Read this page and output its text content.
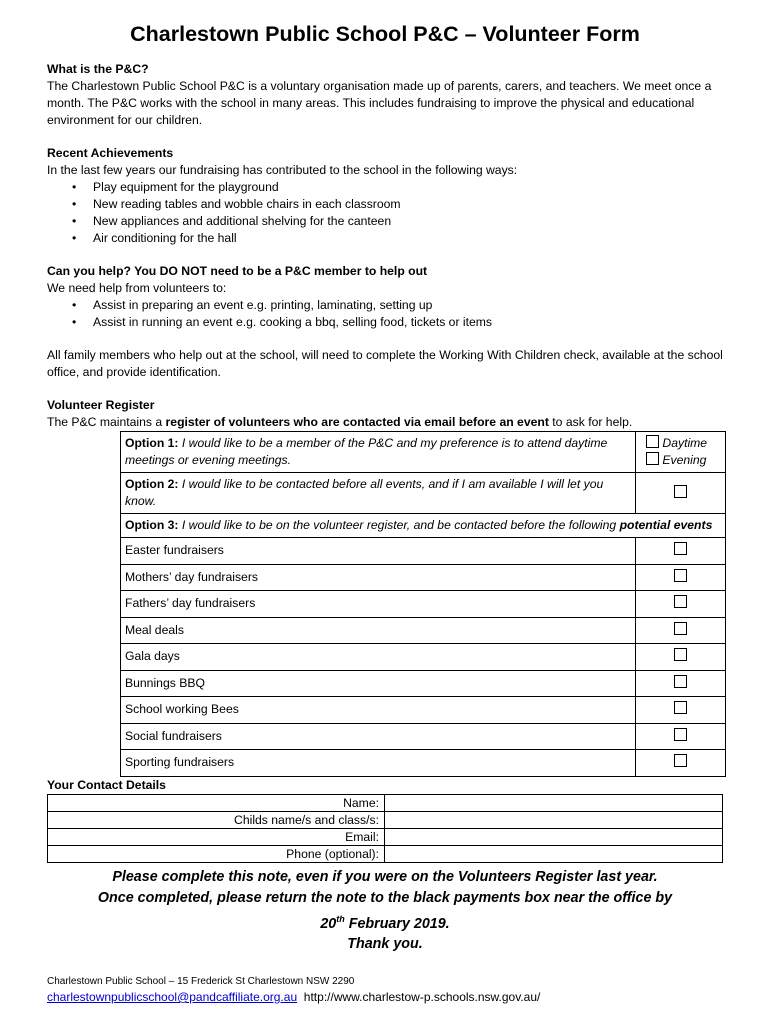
Charlestown Public School P&C – Volunteer Form
What is the P&C?

The Charlestown Public School P&C is a voluntary organisation made up of parents, carers, and teachers. We meet once a month. The P&C works with the school in many areas. This includes fundraising to improve the physical and educational environment for our children.

Recent Achievements

In the last few years our fundraising has contributed to the school in the following ways:

• Play equipment for the playground
• New reading tables and wobble chairs in each classroom
• New appliances and additional shelving for the canteen
• Air conditioning for the hall
Can you help? You DO NOT need to be a P&C member to help out

We need help from volunteers to:

• Assist in preparing an event e.g. printing, laminating, setting up
• Assist in running an event e.g. cooking a bbq, selling food, tickets or items

All family members who help out at the school, will need to complete the Working With Children check, available at the school office, and provide identification.

Volunteer Register

The P&C maintains a register of volunteers who are contacted via email before an event to ask for help.

Option 1: I would like to be a member of the P&C and my preference is to attend daytime meetings or evening meetings.	Daytime
Evening

Option 2: I would like to be contacted before all events, and if I am available I will let you know.	
Option 3: I would like to be on the volunteer register, and be contacted before the following potential events	
Easter fundraisers	
Mothers’ day fundraisers	
Fathers’ day fundraisers	
Meal deals	
Gala days	
Bunnings BBQ	
School working Bees	
Social fundraisers	
Sporting fundraisers	
Your Contact Details
Name:	
Childs name/s and class/s:	
Email:	
Phone (optional):	
Please complete this note, even if you were on the Volunteers Register last year.
Once completed, please return the note to the black payments box near the office by
20th February 2019.
Thank you.
Charlestown Public School – 15 Frederick St Charlestown NSW 2290
charlestownpublicschool@pandcaffiliate.org.au http://www.charlestow-p.schools.nsw.gov.au/
